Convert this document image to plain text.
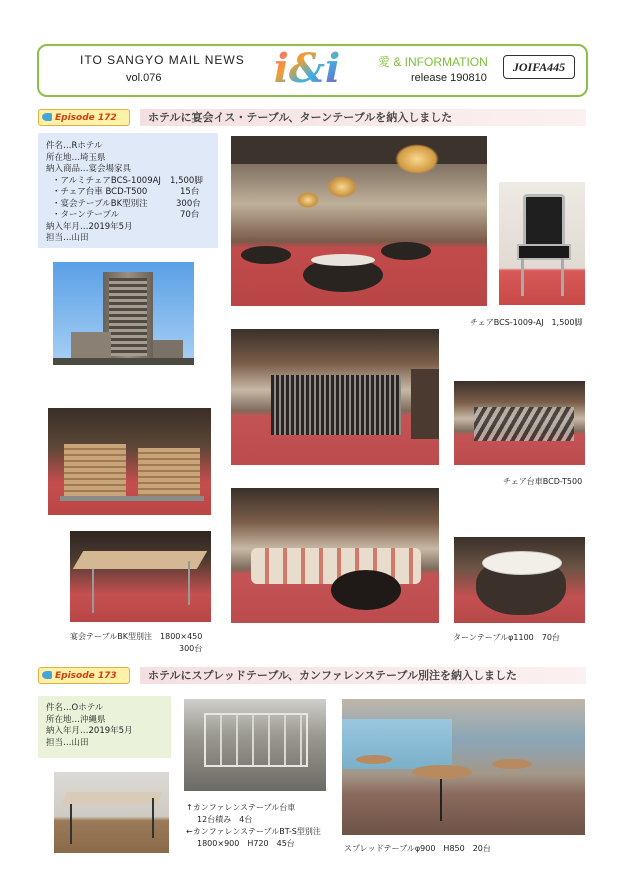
ITO SANGYO MAIL NEWS
vol.076	i&i	愛 & INFORMATION
release 190810
JOIFA445
Episode 172	ホテルに宴会イス・テーブル、ターンテーブルを納入しました
件名…Rホテル
所在地…埼玉県
納入商品…宴会場家具
・アルミチェアBCS-1009AJ 1,500脚
・チェア台車 BCD-T500	15台
・宴会テーブルBK型別注	300台
・ターンテーブル	70台
納入年月…2019年5月
担当…山田
チェアBCS-1009-AJ　1,500脚
チェア台車BCD-T500
宴会テーブルBK型別注　1800×450
300台
ターンテーブルφ1100　70台
Episode 173	ホテルにスプレッドテーブル、カンファレンステーブル別注を納入しました
件名…Oホテル
所在地…沖縄県
納入年月…2019年5月
担当…山田
↑カンファレンステーブル台車
12台積み　4台
←カンファレンステーブルBT-S型別注
1800×900　H720　45台
スプレッドテーブルφ900　H850　20台
